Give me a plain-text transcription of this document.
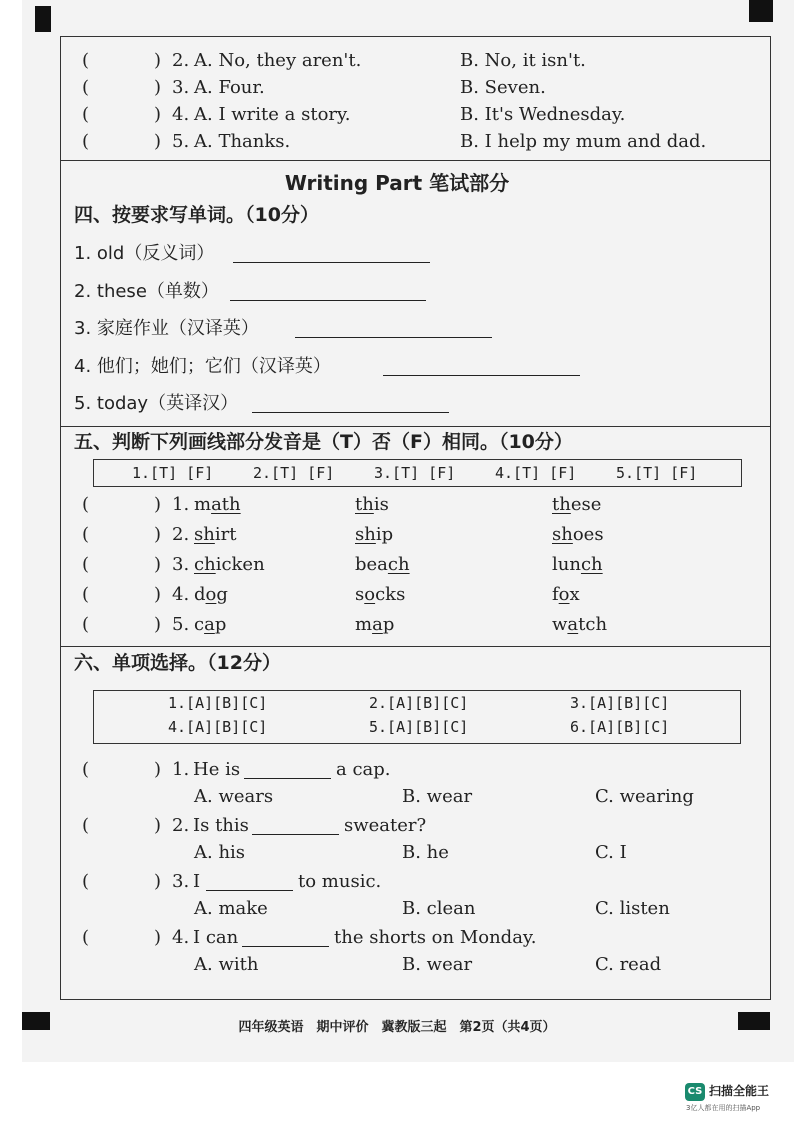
(	) 2. A. No, they aren't.	B. No, it isn't.
(	) 3. A. Four.	B. Seven.
(	) 4. A. I write a story.	B. It's Wednesday.
(	) 5. A. Thanks.	B. I help my mum and dad.
Writing Part 笔试部分
四、按要求写单词。（10分）
1. old（反义词）
2. these（单数）
3. 家庭作业（汉译英）
4. 他们；她们；它们（汉译英）
5. today（英译汉）
五、判断下列画线部分发音是（T）否（F）相同。（10分）
1.[T] [F]	2.[T] [F]	3.[T] [F]	4.[T] [F]	5.[T] [F]
(	) 1. math	this	these
(	) 2. shirt	ship	shoes
(	) 3. chicken	beach	lunch
(	) 4. dog	socks	fox
(	) 5. cap	map	watch
六、单项选择。（12分）
1.[A][B][C]	2.[A][B][C]	3.[A][B][C]
4.[A][B][C]	5.[A][B][C]	6.[A][B][C]
(	) 1. He is	a cap.
A. wears	B. wear	C. wearing
(	) 2. Is this	sweater?
A. his	B. he	C. I
(	) 3. I	to music.
A. make	B. clean	C. listen
(	) 4. I can	the shorts on Monday.
A. with	B. wear	C. read
四年级英语　期中评价　冀教版三起　第2页（共4页）
CS 扫描全能王
3亿人都在用的扫描App
